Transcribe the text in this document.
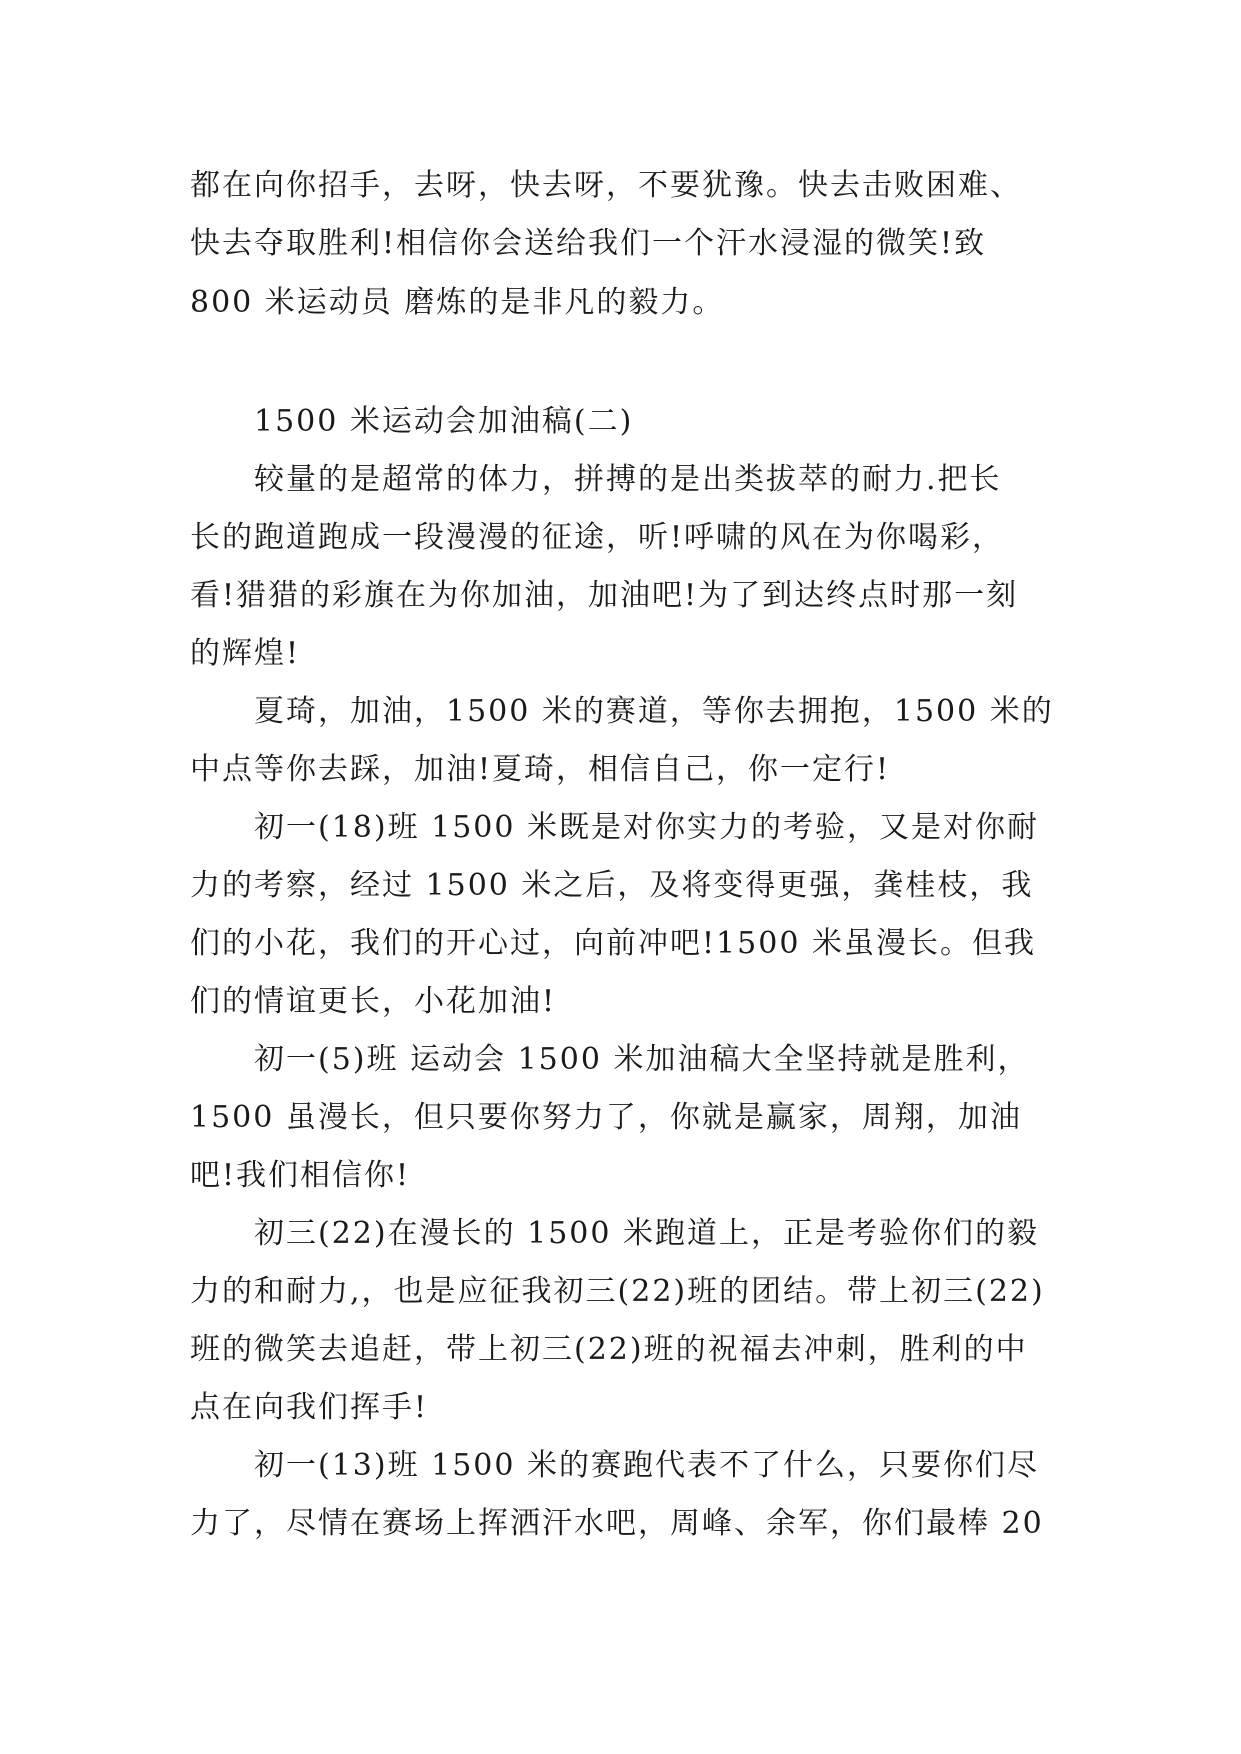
都在向你招手，去呀，快去呀，不要犹豫。快去击败困难、
快去夺取胜利!相信你会送给我们一个汗水浸湿的微笑!致
800 米运动员 磨炼的是非凡的毅力。
1500 米运动会加油稿(二)
较量的是超常的体力，拼搏的是出类拔萃的耐力.把长
长的跑道跑成一段漫漫的征途，听!呼啸的风在为你喝彩，
看!猎猎的彩旗在为你加油，加油吧!为了到达终点时那一刻
的辉煌!
夏琦，加油，1500 米的赛道，等你去拥抱，1500 米的
中点等你去踩，加油!夏琦，相信自己，你一定行!
初一(18)班 1500 米既是对你实力的考验，又是对你耐
力的考察，经过 1500 米之后，及将变得更强，龚桂枝，我
们的小花，我们的开心过，向前冲吧!1500 米虽漫长。但我
们的情谊更长，小花加油!
初一(5)班 运动会 1500 米加油稿大全坚持就是胜利，
1500 虽漫长，但只要你努力了，你就是赢家，周翔，加油
吧!我们相信你!
初三(22)在漫长的 1500 米跑道上，正是考验你们的毅
力的和耐力,，也是应征我初三(22)班的团结。带上初三(22)
班的微笑去追赶，带上初三(22)班的祝福去冲刺，胜利的中
点在向我们挥手!
初一(13)班 1500 米的赛跑代表不了什么，只要你们尽
力了，尽情在赛场上挥洒汗水吧，周峰、余军，你们最棒 20
